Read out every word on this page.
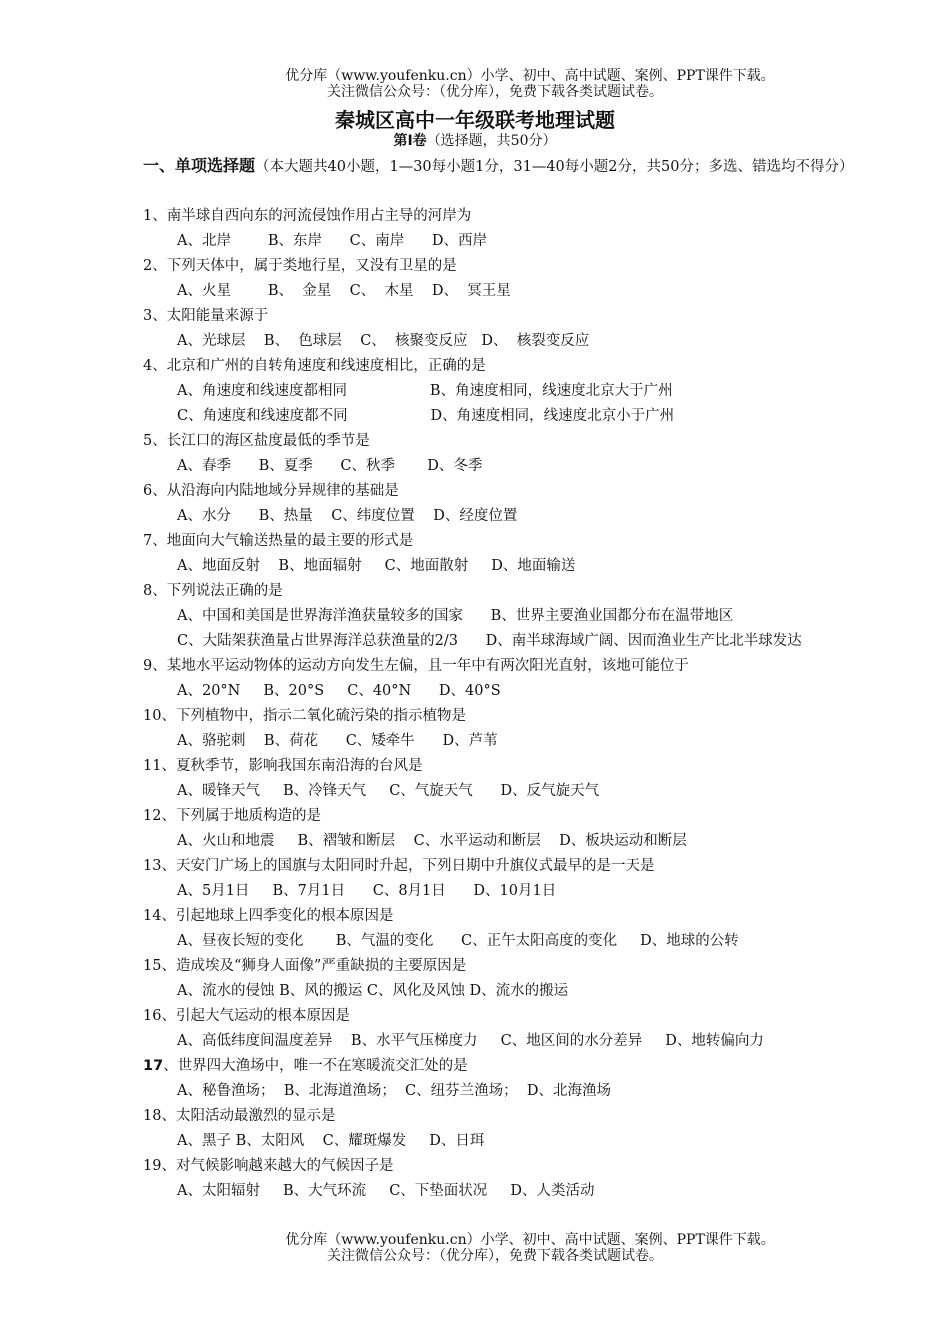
优分库（www.youfenku.cn）小学、初中、高中试题、案例、PPT课件下载。
关注微信公众号：（优分库），免费下载各类试题试卷。
秦城区高中一年级联考地理试题
第Ⅰ卷（选择题，共50分）
一、单项选择题（本大题共40小题，1—30每小题1分，31—40每小题2分，共50分；多选、错选均不得分）
1、南半球自西向东的河流侵蚀作用占主导的河岸为
A、北岸        B、东岸      C、南岸      D、西岸
2、下列天体中，属于类地行星，又没有卫星的是
A、火星        B、  金星    C、  木星    D、  冥王星
3、太阳能量来源于
A、光球层    B、  色球层    C、  核聚变反应   D、  核裂变反应
4、北京和广州的自转角速度和线速度相比，正确的是
A、角速度和线速度都相同                  B、角速度相同，线速度北京大于广州
C、角速度和线速度都不同                  D、角速度相同，线速度北京小于广州
5、长江口的海区盐度最低的季节是
A、春季      B、夏季      C、秋季       D、冬季
6、从沿海向内陆地域分异规律的基础是
A、水分      B、热量    C、纬度位置    D、经度位置
7、地面向大气输送热量的最主要的形式是
A、地面反射    B、地面辐射     C、地面散射     D、地面输送
8、下列说法正确的是
A、中国和美国是世界海洋渔获量较多的国家      B、世界主要渔业国都分布在温带地区
C、大陆架获渔量占世界海洋总获渔量的2/3      D、南半球海域广阔、因而渔业生产比北半球发达
9、某地水平运动物体的运动方向发生左偏，且一年中有两次阳光直射，该地可能位于
A、20°N     B、20°S     C、40°N      D、40°S
10、下列植物中，指示二氧化硫污染的指示植物是
A、骆驼刺    B、荷花      C、矮牵牛      D、芦苇
11、夏秋季节，影响我国东南沿海的台风是
A、暖锋天气     B、冷锋天气     C、气旋天气      D、反气旋天气
12、下列属于地质构造的是
A、火山和地震     B、褶皱和断层    C、水平运动和断层    D、板块运动和断层
13、天安门广场上的国旗与太阳同时升起，下列日期中升旗仪式最早的是一天是
A、5月1日     B、7月1日      C、8月1日      D、10月1日
14、引起地球上四季变化的根本原因是
A、昼夜长短的变化       B、气温的变化      C、正午太阳高度的变化     D、地球的公转
15、造成埃及“狮身人面像”严重缺损的主要原因是
A、流水的侵蚀 B、风的搬运 C、风化及风蚀 D、流水的搬运
16、引起大气运动的根本原因是
A、高低纬度间温度差异    B、水平气压梯度力     C、地区间的水分差异     D、地转偏向力
17、世界四大渔场中，唯一不在寒暖流交汇处的是
A、秘鲁渔场；  B、北海道渔场；  C、纽芬兰渔场；  D、北海渔场
18、太阳活动最激烈的显示是
A、黑子 B、太阳风    C、耀斑爆发     D、日珥
19、对气候影响越来越大的气候因子是
A、太阳辐射     B、大气环流     C、下垫面状况     D、人类活动
优分库（www.youfenku.cn）小学、初中、高中试题、案例、PPT课件下载。
关注微信公众号：（优分库），免费下载各类试题试卷。
